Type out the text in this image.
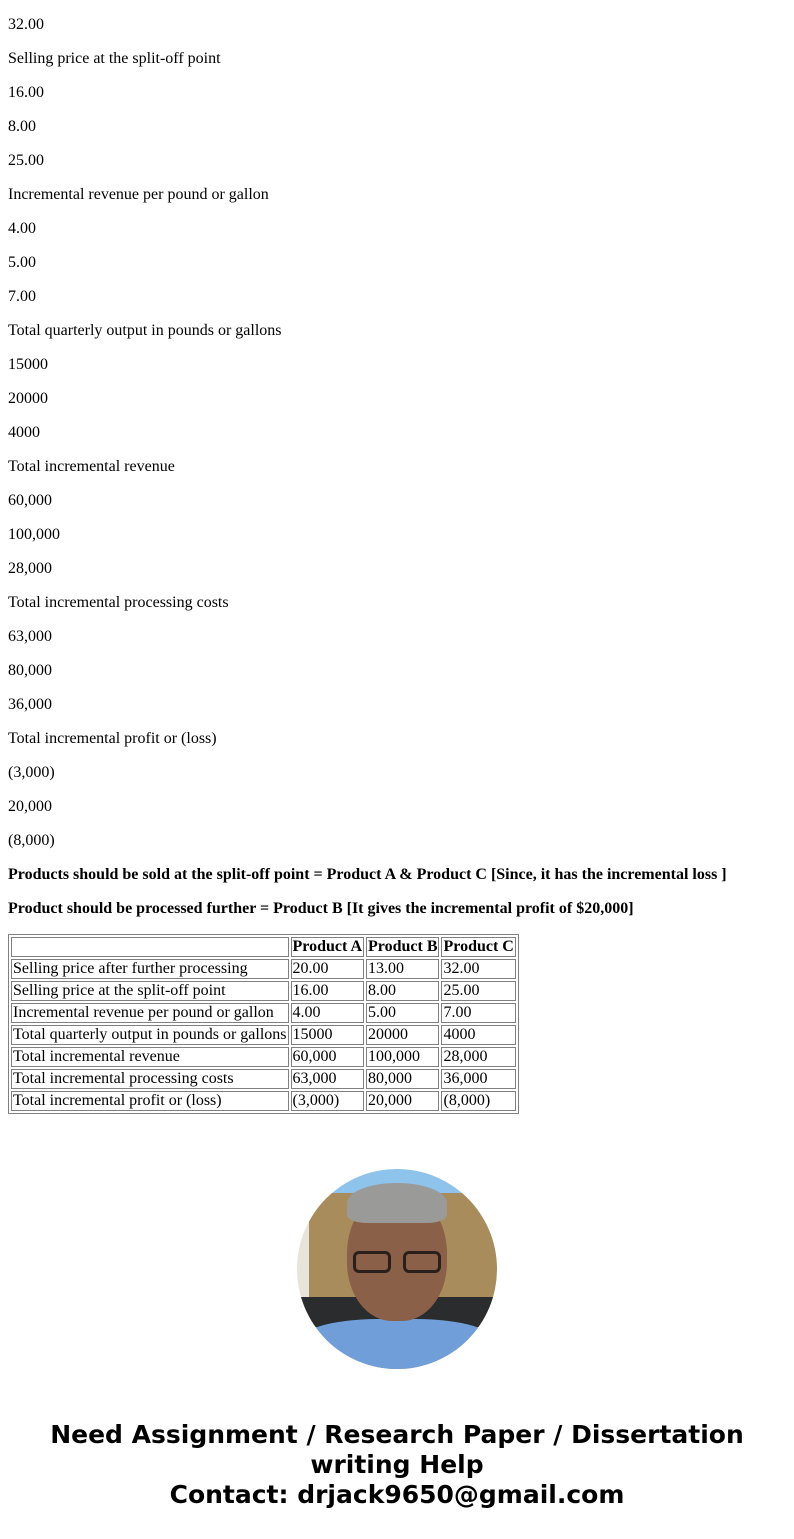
32.00

Selling price at the split-off point

16.00

8.00

25.00

Incremental revenue per pound or gallon

4.00

5.00

7.00

Total quarterly output in pounds or gallons

15000

20000

4000

Total incremental revenue

60,000

100,000

28,000

Total incremental processing costs

63,000

80,000

36,000

Total incremental profit or (loss)

(3,000)

20,000

(8,000)

Products should be sold at the split-off point = Product A & Product C [Since, it has the incremental loss ]

Product should be processed further = Product B [It gives the incremental profit of $20,000]

	Product A	Product B	Product C
Selling price after further processing	20.00	13.00	32.00
Selling price at the split-off point	16.00	8.00	25.00
Incremental revenue per pound or gallon	4.00	5.00	7.00
Total quarterly output in pounds or gallons	15000	20000	4000
Total incremental revenue	60,000	100,000	28,000
Total incremental processing costs	63,000	80,000	36,000
Total incremental profit or (loss)	(3,000)	20,000	(8,000)
Need Assignment / Research Paper / Dissertation
writing Help
Contact: drjack9650@gmail.com
